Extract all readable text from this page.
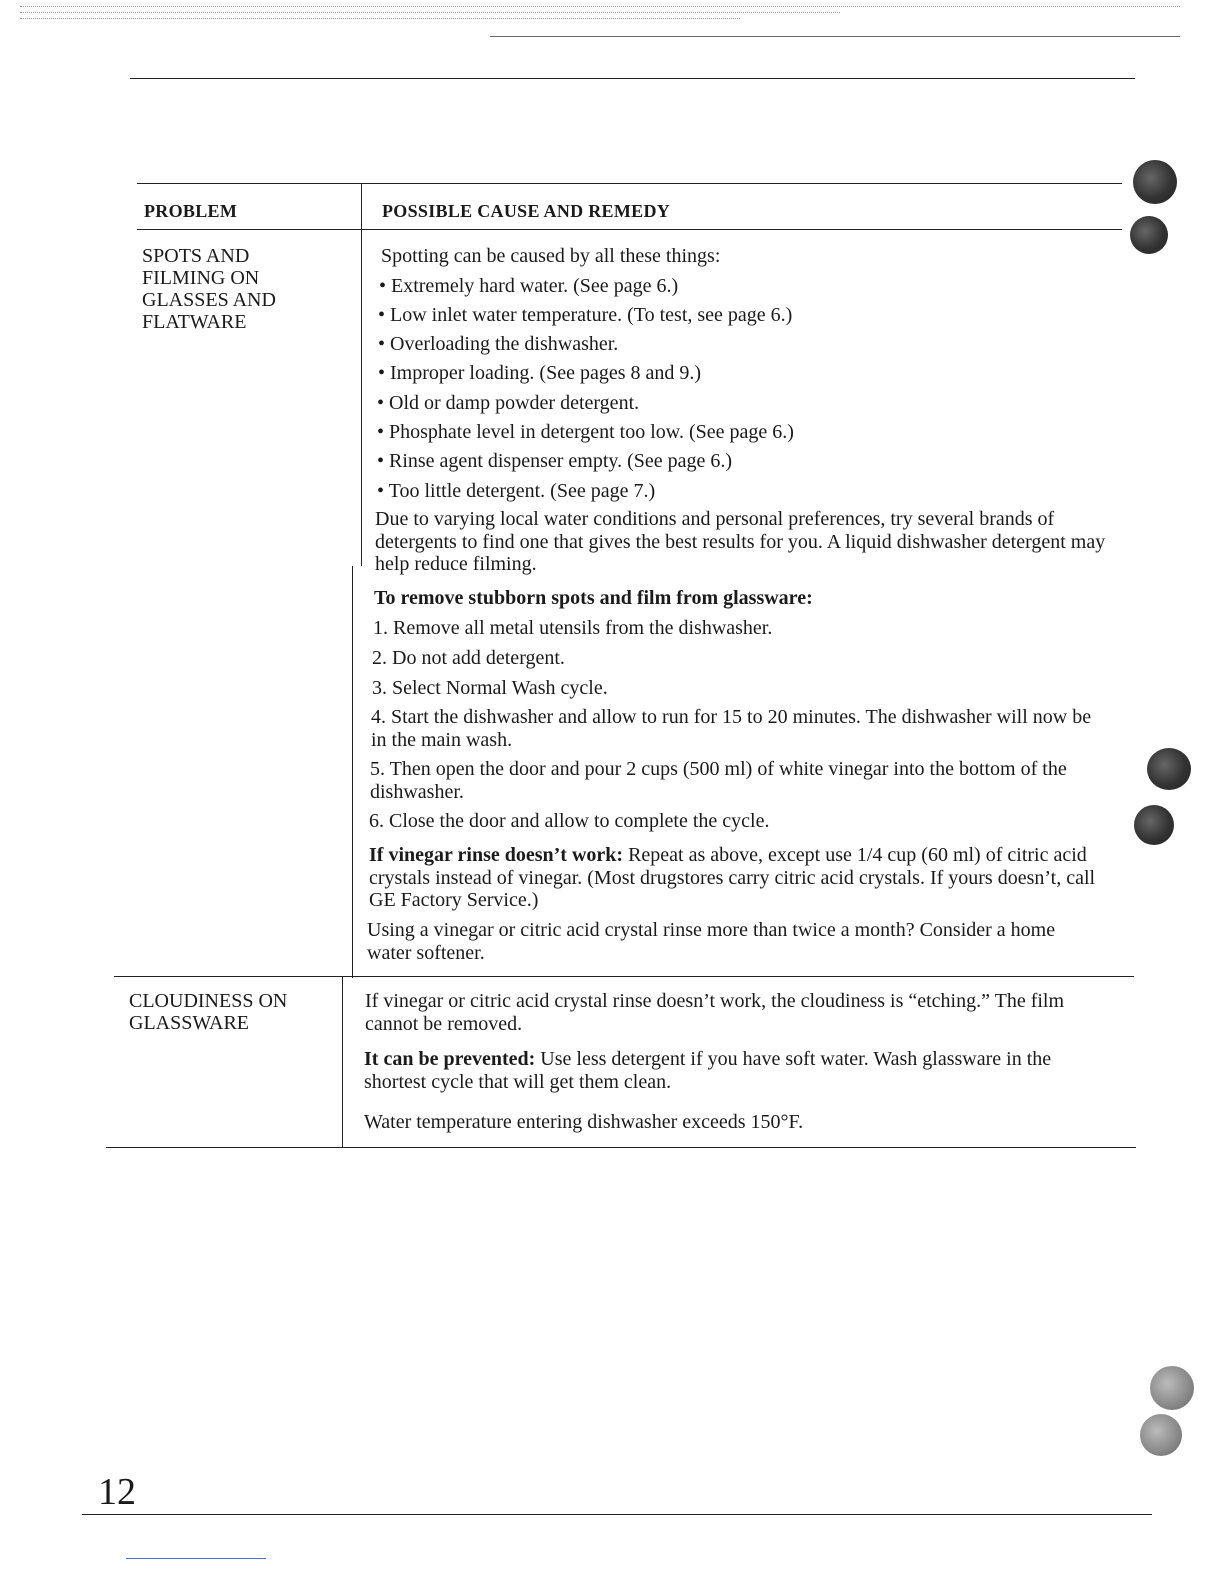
PROBLEM	POSSIBLE CAUSE AND REMEDY
SPOTS AND
FILMING ON
GLASSES AND
FLATWARE
Spotting can be caused by all these things:
• Extremely hard water. (See page 6.)
• Low inlet water temperature. (To test, see page 6.)
• Overloading the dishwasher.
• Improper loading. (See pages 8 and 9.)
• Old or damp powder detergent.
• Phosphate level in detergent too low. (See page 6.)
• Rinse agent dispenser empty. (See page 6.)
• Too little detergent. (See page 7.)
Due to varying local water conditions and personal preferences, try several brands of detergents to find one that gives the best results for you. A liquid dishwasher detergent may help reduce filming.
To remove stubborn spots and film from glassware:
1. Remove all metal utensils from the dishwasher.
2. Do not add detergent.
3. Select Normal Wash cycle.
4. Start the dishwasher and allow to run for 15 to 20 minutes. The dishwasher will now be in the main wash.
5. Then open the door and pour 2 cups (500 ml) of white vinegar into the bottom of the dishwasher.
6. Close the door and allow to complete the cycle.
If vinegar rinse doesn’t work: Repeat as above, except use 1/4 cup (60 ml) of citric acid crystals instead of vinegar. (Most drugstores carry citric acid crystals. If yours doesn’t, call GE Factory Service.)
Using a vinegar or citric acid crystal rinse more than twice a month? Consider a home water softener.
CLOUDINESS ON
GLASSWARE
If vinegar or citric acid crystal rinse doesn’t work, the cloudiness is “etching.” The film cannot be removed.
It can be prevented: Use less detergent if you have soft water. Wash glassware in the shortest cycle that will get them clean.
Water temperature entering dishwasher exceeds 150°F.
12
